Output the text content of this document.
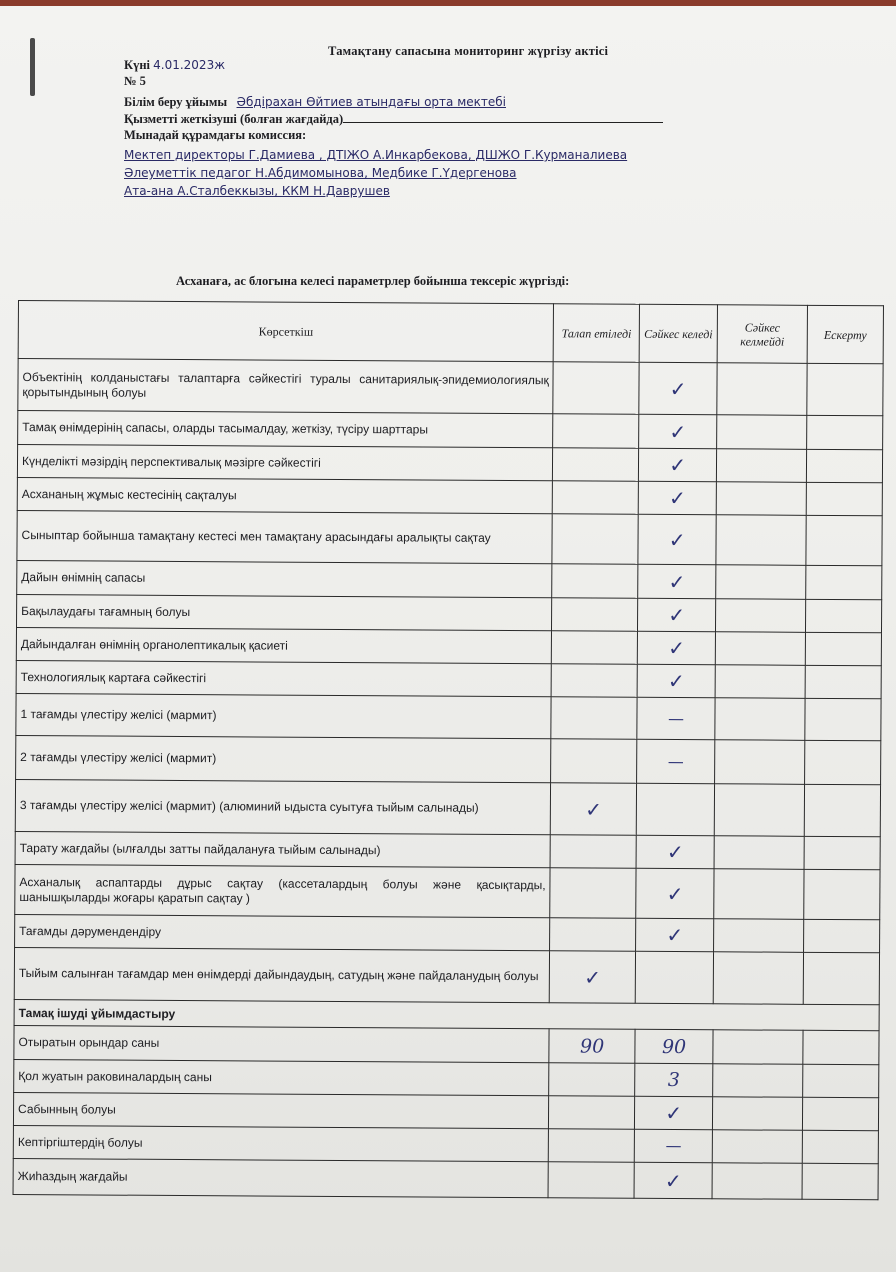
Тамақтану сапасына мониторинг жүргізу актісі
Күні 4.01.2023ж
№ 5
Білім беру ұйымы Әбдірахан Өйтиев атындағы орта мектебі
Қызметті жеткізуші (болған жағдайда)
Мынадай құрамдағы комиссия:
Мектеп директоры Г.Дамиева , ДТІЖО А.Инкарбекова, ДШЖО Г.Курманалиева
Әлеуметтік педагог Н.Абдимомынова, Медбике Г.Үдергенова
Ата-ана А.Сталбеккызы, ККМ Н.Даврушев
Асханаға, ас блогына келесі параметрлер бойынша тексеріс жүргізді:
Көрсеткіш	Талап етіледі	Сәйкес келеді	Сәйкес келмейді	Ескерту
Объектінің колданыстағы талаптарға сәйкестігі туралы санитариялық-эпидемиологиялық қорытындының болуы		✓		
Тамақ өнімдерінің сапасы, оларды тасымалдау, жеткізу, түсіру шарттары		✓		
Күнделікті мәзірдің перспективалық мәзірге сәйкестігі		✓		
Асхананың жұмыс кестесінің сақталуы		✓		
Сыныптар бойынша тамақтану кестесі мен тамақтану арасындағы аралықты сақтау		✓		
Дайын өнімнің сапасы		✓		
Бақылаудағы тағамның болуы		✓		
Дайындалған өнімнің органолептикалық қасиеті		✓		
Технологиялық картаға сәйкестігі		✓		
1 тағамды үлестіру желісі (мармит)		—		
2 тағамды үлестіру желісі (мармит)		—		
3 тағамды үлестіру желісі (мармит) (алюминий ыдыста суытуға тыйым салынады)	✓			
Тарату жағдайы (ылғалды затты пайдалануға тыйым салынады)		✓		
Асханалық аспаптарды дұрыс сақтау (кассеталардың болуы және қасықтарды, шанышқыларды жоғары қаратып сақтау )		✓		
Тағамды дәрумендендіру		✓		
Тыйым салынған тағамдар мен өнімдерді дайындаудың, сатудың және пайдаланудың болуы	✓			
Тамақ ішуді ұйымдастыру				
Отыратын орындар саны	90	90		
Қол жуатын раковиналардың саны		3		
Сабынның болуы		✓		
Кептіргіштердің болуы		—		
Жиһаздың жағдайы		✓		
